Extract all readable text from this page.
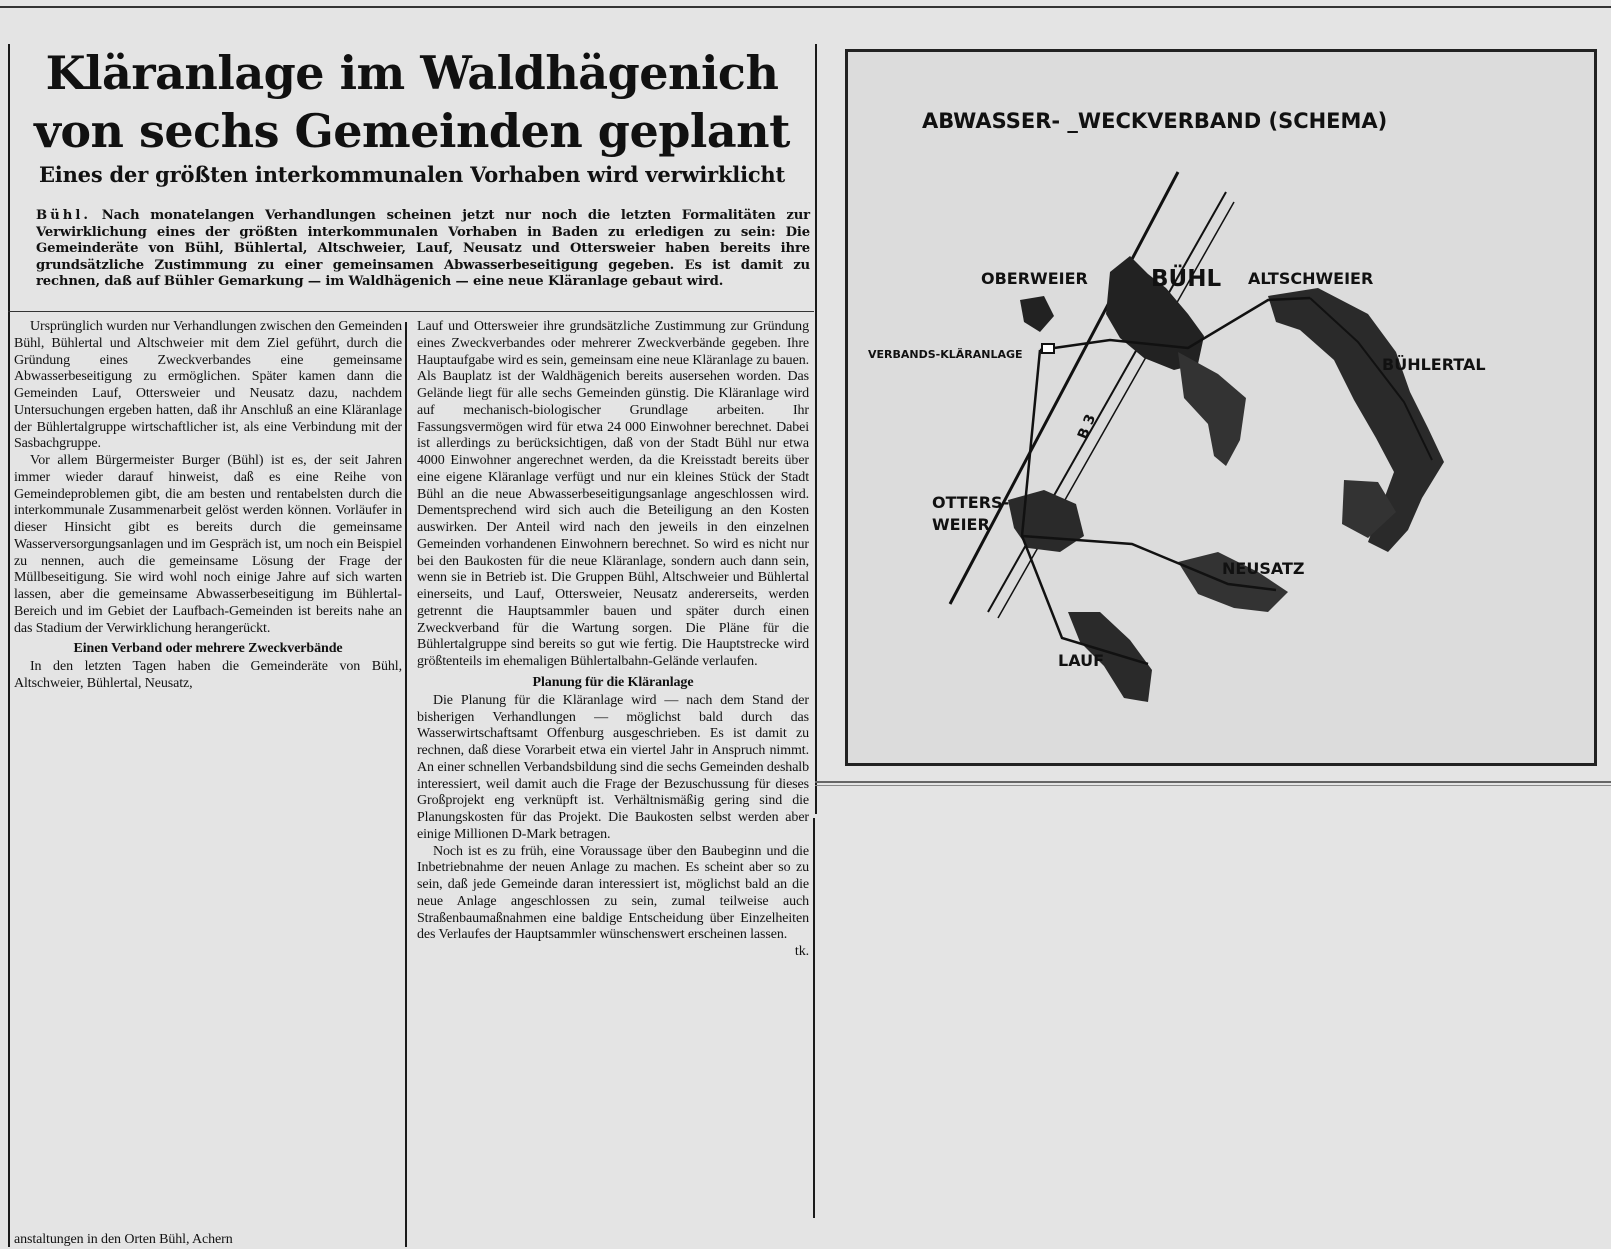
Kläranlage im Waldhägenich
von sechs Gemeinden geplant
Eines der größten interkommunalen Vorhaben wird verwirklicht

Bühl. Nach monatelangen Verhandlungen scheinen jetzt nur noch die letzten Formalitäten zur Verwirklichung eines der größten interkommunalen Vorhaben in Baden zu erledigen zu sein: Die Gemeinderäte von Bühl, Bühlertal, Altschweier, Lauf, Neusatz und Ottersweier haben bereits ihre grundsätzliche Zustimmung zu einer gemeinsamen Abwasserbeseitigung gegeben. Es ist damit zu rechnen, daß auf Bühler Gemarkung — im Waldhägenich — eine neue Kläranlage gebaut wird.

Ursprünglich wurden nur Verhandlungen zwischen den Gemeinden Bühl, Bühlertal und Altschweier mit dem Ziel geführt, durch die Gründung eines Zweckverbandes eine gemeinsame Abwasserbeseitigung zu ermöglichen. Später kamen dann die Gemeinden Lauf, Ottersweier und Neusatz dazu, nachdem Untersuchungen ergeben hatten, daß ihr Anschluß an eine Kläranlage der Bühlertalgruppe wirtschaftlicher ist, als eine Verbindung mit der Sasbachgruppe.

Vor allem Bürgermeister Burger (Bühl) ist es, der seit Jahren immer wieder darauf hinweist, daß es eine Reihe von Gemeindeproblemen gibt, die am besten und rentabelsten durch die interkommunale Zusammenarbeit gelöst werden können. Vorläufer in dieser Hinsicht gibt es bereits durch die gemeinsame Wasserversorgungsanlagen und im Gespräch ist, um noch ein Beispiel zu nennen, auch die gemeinsame Lösung der Frage der Müllbeseitigung. Sie wird wohl noch einige Jahre auf sich warten lassen, aber die gemeinsame Abwasserbeseitigung im Bühlertal-Bereich und im Gebiet der Laufbach-Gemeinden ist bereits nahe an das Stadium der Verwirklichung herangerückt.

Einen Verband oder mehrere Zweckverbände

In den letzten Tagen haben die Gemeinderäte von Bühl, Altschweier, Bühlertal, Neusatz,

anstaltungen in den Orten Bühl, Achern

Lauf und Ottersweier ihre grundsätzliche Zustimmung zur Gründung eines Zweckverbandes oder mehrerer Zweckverbände gegeben. Ihre Hauptaufgabe wird es sein, gemeinsam eine neue Kläranlage zu bauen. Als Bauplatz ist der Waldhägenich bereits ausersehen worden. Das Gelände liegt für alle sechs Gemeinden günstig. Die Kläranlage wird auf mechanisch-biologischer Grundlage arbeiten. Ihr Fassungsvermögen wird für etwa 24 000 Einwohner berechnet. Dabei ist allerdings zu berücksichtigen, daß von der Stadt Bühl nur etwa 4000 Einwohner angerechnet werden, da die Kreisstadt bereits über eine eigene Kläranlage verfügt und nur ein kleines Stück der Stadt Bühl an die neue Abwasserbeseitigungsanlage angeschlossen wird. Dementsprechend wird sich auch die Beteiligung an den Kosten auswirken. Der Anteil wird nach den jeweils in den einzelnen Gemeinden vorhandenen Einwohnern berechnet. So wird es nicht nur bei den Baukosten für die neue Kläranlage, sondern auch dann sein, wenn sie in Betrieb ist. Die Gruppen Bühl, Altschweier und Bühlertal einerseits, und Lauf, Ottersweier, Neusatz andererseits, werden getrennt die Hauptsammler bauen und später durch einen Zweckverband für die Wartung sorgen. Die Pläne für die Bühlertalgruppe sind bereits so gut wie fertig. Die Hauptstrecke wird größtenteils im ehemaligen Bühlertalbahn-Gelände verlaufen.

Planung für die Kläranlage

Die Planung für die Kläranlage wird — nach dem Stand der bisherigen Verhandlungen — möglichst bald durch das Wasserwirtschaftsamt Offenburg ausgeschrieben. Es ist damit zu rechnen, daß diese Vorarbeit etwa ein viertel Jahr in Anspruch nimmt. An einer schnellen Verbandsbildung sind die sechs Gemeinden deshalb interessiert, weil damit auch die Frage der Bezuschussung für dieses Großprojekt eng verknüpft ist. Verhältnismäßig gering sind die Planungskosten für das Projekt. Die Baukosten selbst werden aber einige Millionen D-Mark betragen.

Noch ist es zu früh, eine Voraussage über den Baubeginn und die Inbetriebnahme der neuen Anlage zu machen. Es scheint aber so zu sein, daß jede Gemeinde daran interessiert ist, möglichst bald an die neue Anlage angeschlossen zu sein, zumal teilweise auch Straßenbaumaßnahmen eine baldige Entscheidung über Einzelheiten des Verlaufes der Hauptsammler wünschenswert erscheinen lassen.
tk.

ABWASSER- _WECKVERBAND (SCHEMA)
B 3
OBERWEIER	BÜHL ALTSCHWEIER
VERBANDS-KLÄRANLAGE
BÜHLERTAL
OTTERS-
WEIER
NEUSATZ
LAUF
